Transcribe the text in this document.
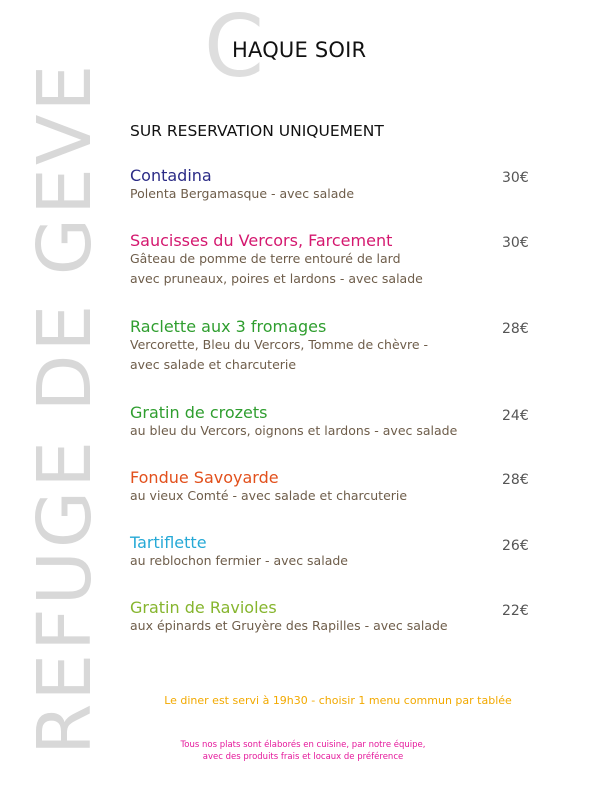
C
HAQUE SOIR
REFUGE DE GEVE SUR RESERVATION UNIQUEMENT
Contadina
Polenta Bergamasque - avec salade
30€
Saucisses du Vercors, Farcement
Gâteau de pomme de terre entouré de lard
avec pruneaux, poires et lardons - avec salade
30€
Raclette aux 3 fromages
Vercorette, Bleu du Vercors, Tomme de chèvre -
avec salade et charcuterie
28€
Gratin de crozets
au bleu du Vercors, oignons et lardons - avec salade
24€
Fondue Savoyarde
au vieux Comté - avec salade et charcuterie
28€
Tartiflette
au reblochon fermier - avec salade
26€
Gratin de Ravioles
aux épinards et Gruyère des Rapilles - avec salade
22€
Le diner est servi à 19h30 - choisir 1 menu commun par tablée
Tous nos plats sont élaborés en cuisine, par notre équipe,
avec des produits frais et locaux de préférence
